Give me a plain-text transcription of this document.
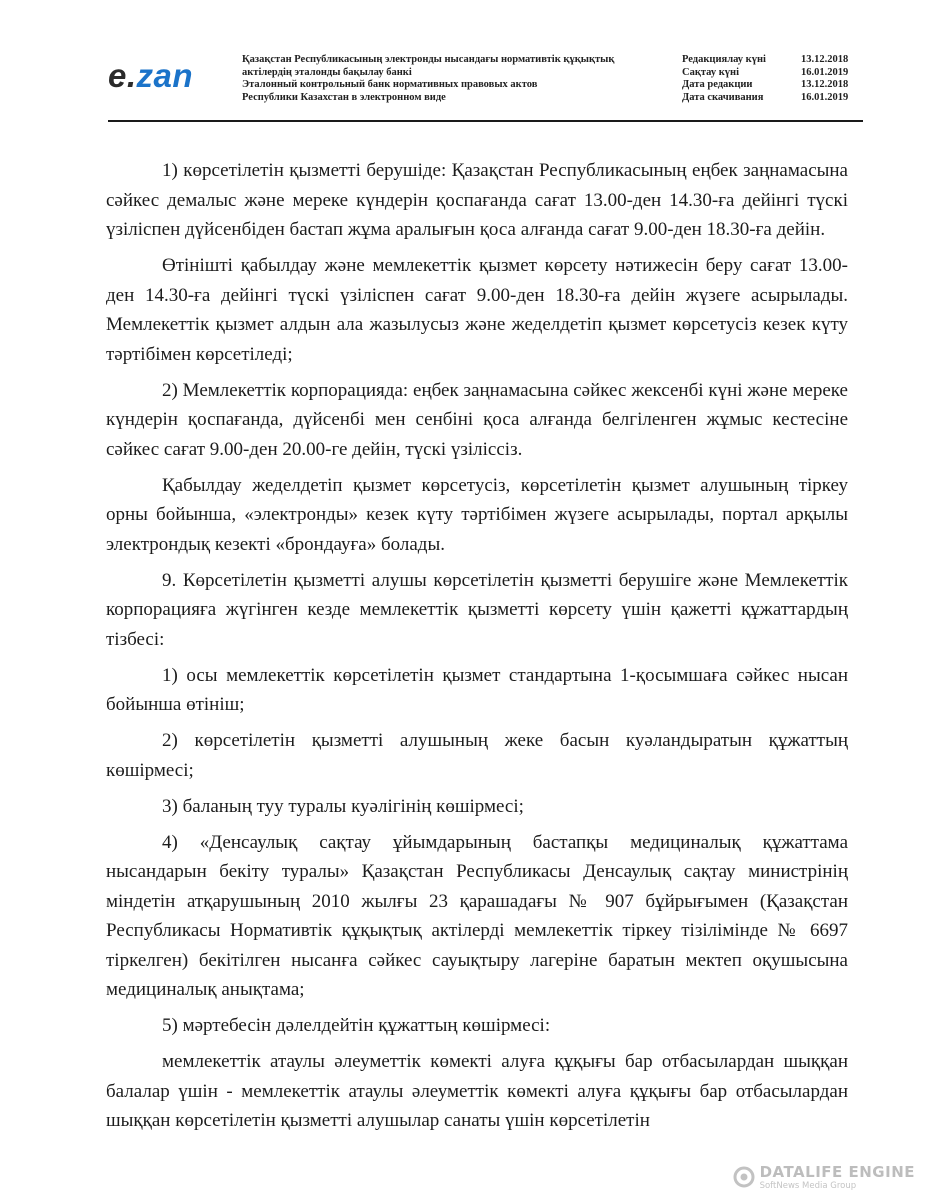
e.zan	Қазақстан Республикасының электронды нысандағы нормативтік құқықтық
актілердің эталонды бақылау банкі
Эталонный контрольный банк нормативных правовых актов
Республики Казахстан в электронном виде
Редакциялау күні	13.12.2018
Сақтау күні	16.01.2019
Дата редакции	13.12.2018
Дата скачивания	16.01.2019

1) көрсетілетін қызметті берушіде: Қазақстан Республикасының еңбек заңнамасына сәйкес демалыс және мереке күндерін қоспағанда сағат 13.00-ден 14.30-ға дейінгі түскі үзіліспен дүйсенбіден бастап жұма аралығын қоса алғанда сағат 9.00-ден 18.30-ға дейін.

Өтінішті қабылдау және мемлекеттік қызмет көрсету нәтижесін беру сағат 13.00-ден 14.30-ға дейінгі түскі үзіліспен сағат 9.00-ден 18.30-ға дейін жүзеге асырылады. Мемлекеттік қызмет алдын ала жазылусыз және жеделдетіп қызмет көрсетусіз кезек күту тәртібімен көрсетіледі;

2) Мемлекеттік корпорацияда: еңбек заңнамасына сәйкес жексенбі күні және мереке күндерін қоспағанда, дүйсенбі мен сенбіні қоса алғанда белгіленген жұмыс кестесіне сәйкес сағат 9.00-ден 20.00-ге дейін, түскі үзіліссіз.

Қабылдау жеделдетіп қызмет көрсетусіз, көрсетілетін қызмет алушының тіркеу орны бойынша, «электронды» кезек күту тәртібімен жүзеге асырылады, портал арқылы электрондық кезекті «брондауға» болады.

9. Көрсетілетін қызметті алушы көрсетілетін қызметті берушіге және Мемлекеттік корпорацияға жүгінген кезде мемлекеттік қызметті көрсету үшін қажетті құжаттардың тізбесі:

1) осы мемлекеттік көрсетілетін қызмет стандартына 1-қосымшаға сәйкес нысан бойынша өтініш;

2) көрсетілетін қызметті алушының жеке басын куәландыратын құжаттың көшірмесі;

3) баланың туу туралы куәлігінің көшірмесі;

4) «Денсаулық сақтау ұйымдарының бастапқы медициналық құжаттама нысандарын бекіту туралы» Қазақстан Республикасы Денсаулық сақтау министрінің міндетін атқарушының 2010 жылғы 23 қарашадағы № 907 бұйрығымен (Қазақстан Республикасы Нормативтік құқықтық актілерді мемлекеттік тіркеу тізілімінде № 6697 тіркелген) бекітілген нысанға сәйкес сауықтыру лагеріне баратын мектеп оқушысына медициналық анықтама;

5) мәртебесін дәлелдейтін құжаттың көшірмесі:

мемлекеттік атаулы әлеуметтік көмекті алуға құқығы бар отбасылардан шыққан балалар үшін - мемлекеттік атаулы әлеуметтік көмекті алуға құқығы бар отбасылардан шыққан көрсетілетін қызметті алушылар санаты үшін көрсетілетін

DATALIFE ENGINE
SoftNews Media Group
